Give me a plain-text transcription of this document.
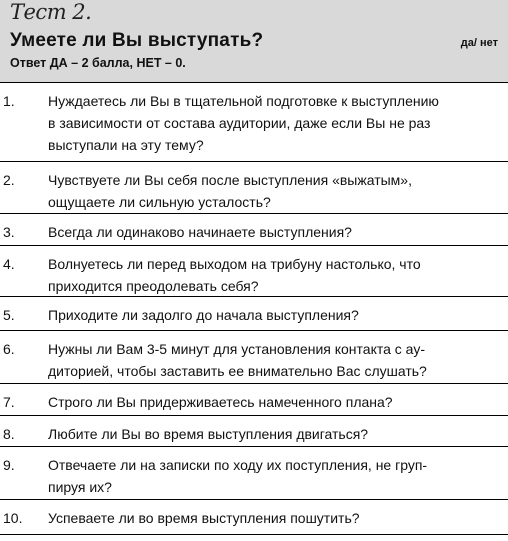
Тест 2.
Умеете ли Вы выступать?
Ответ ДА – 2 балла, НЕТ – 0.
да/ нет
1.	Нуждаетесь ли Вы в тщательной подготовке к выступлению
в зависимости от состава аудитории, даже если Вы не раз
выступали на эту тему?
2.	Чувствуете ли Вы себя после выступления «выжатым»,
ощущаете ли сильную усталость?
3.	Всегда ли одинаково начинаете выступления?
4.	Волнуетесь ли перед выходом на трибуну настолько, что
приходится преодолевать себя?
5.	Приходите ли задолго до начала выступления?
6.	Нужны ли Вам 3-5 минут для установления контакта с ау-
диторией, чтобы заставить ее внимательно Вас слушать?
7.	Строго ли Вы придерживаетесь намеченного плана?
8.	Любите ли Вы во время выступления двигаться?
9.	Отвечаете ли на записки по ходу их поступления, не груп-
пируя их?
10.	Успеваете ли во время выступления пошутить?
